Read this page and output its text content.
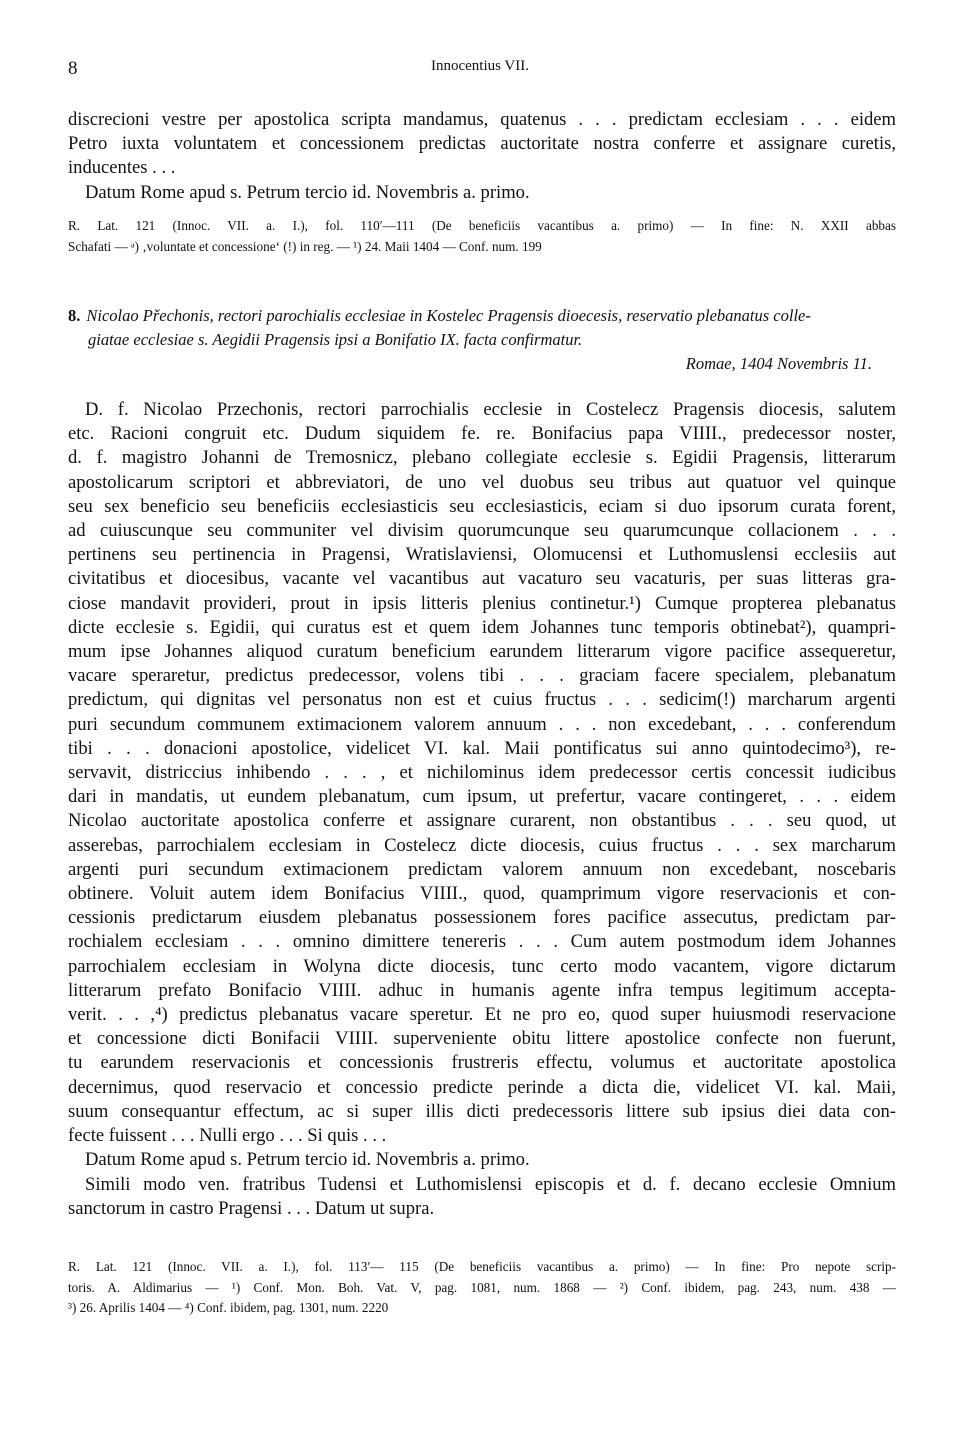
8	Innocentius VII.
discrecioni vestre per apostolica scripta mandamus, quatenus . . . predictam ecclesiam . . . eidem
Petro iuxta voluntatem et concessionem predictas auctoritate nostra conferre et assignare curetis,
inducentes . . .
Datum Rome apud s. Petrum tercio id. Novembris a. primo.
R. Lat. 121 (Innoc. VII. a. I.), fol. 110′—111 (De beneficiis vacantibus a. primo) — In fine: N. XXII abbas
Schafati — ᵃ) ‚voluntate et concessione‘ (!) in reg. — ¹) 24. Maii 1404 — Conf. num. 199
8. Nicolao Přechonis, rectori parochialis ecclesiae in Kostelec Pragensis dioecesis, reservatio plebanatus colle-
giatae ecclesiae s. Aegidii Pragensis ipsi a Bonifatio IX. facta confirmatur.
Romae, 1404 Novembris 11.
D. f. Nicolao Przechonis, rectori parrochialis ecclesie in Costelecz Pragensis diocesis, salutem
etc. Racioni congruit etc. Dudum siquidem fe. re. Bonifacius papa VIIII., predecessor noster,
d. f. magistro Johanni de Tremosnicz, plebano collegiate ecclesie s. Egidii Pragensis, litterarum
apostolicarum scriptori et abbreviatori, de uno vel duobus seu tribus aut quatuor vel quinque
seu sex beneficio seu beneficiis ecclesiasticis seu ecclesiasticis, eciam si duo ipsorum curata forent,
ad cuiuscunque seu communiter vel divisim quorumcunque seu quarumcunque collacionem . . .
pertinens seu pertinencia in Pragensi, Wratislaviensi, Olomucensi et Luthomuslensi ecclesiis aut
civitatibus et diocesibus, vacante vel vacantibus aut vacaturo seu vacaturis, per suas litteras gra-
ciose mandavit provideri, prout in ipsis litteris plenius continetur.¹) Cumque propterea plebanatus
dicte ecclesie s. Egidii, qui curatus est et quem idem Johannes tunc temporis obtinebat²), quampri-
mum ipse Johannes aliquod curatum beneficium earundem litterarum vigore pacifice assequeretur,
vacare speraretur, predictus predecessor, volens tibi . . . graciam facere specialem, plebanatum
predictum, qui dignitas vel personatus non est et cuius fructus . . . sedicim(!) marcharum argenti
puri secundum communem extimacionem valorem annuum . . . non excedebant, . . . conferendum
tibi . . . donacioni apostolice, videlicet VI. kal. Maii pontificatus sui anno quintodecimo³), re-
servavit, districcius inhibendo . . . , et nichilominus idem predecessor certis concessit iudicibus
dari in mandatis, ut eundem plebanatum, cum ipsum, ut prefertur, vacare contingeret, . . . eidem
Nicolao auctoritate apostolica conferre et assignare curarent, non obstantibus . . . seu quod, ut
asserebas, parrochialem ecclesiam in Costelecz dicte diocesis, cuius fructus . . . sex marcharum
argenti puri secundum extimacionem predictam valorem annuum non excedebant, noscebaris
obtinere. Voluit autem idem Bonifacius VIIII., quod, quamprimum vigore reservacionis et con-
cessionis predictarum eiusdem plebanatus possessionem fores pacifice assecutus, predictam par-
rochialem ecclesiam . . . omnino dimittere tenereris . . . Cum autem postmodum idem Johannes
parrochialem ecclesiam in Wolyna dicte diocesis, tunc certo modo vacantem, vigore dictarum
litterarum prefato Bonifacio VIIII. adhuc in humanis agente infra tempus legitimum accepta-
verit. . . ,⁴) predictus plebanatus vacare speretur. Et ne pro eo, quod super huiusmodi reservacione
et concessione dicti Bonifacii VIIII. superveniente obitu littere apostolice confecte non fuerunt,
tu earundem reservacionis et concessionis frustreris effectu, volumus et auctoritate apostolica
decernimus, quod reservacio et concessio predicte perinde a dicta die, videlicet VI. kal. Maii,
suum consequantur effectum, ac si super illis dicti predecessoris littere sub ipsius diei data con-
fecte fuissent . . . Nulli ergo . . . Si quis . . .
Datum Rome apud s. Petrum tercio id. Novembris a. primo.
Simili modo ven. fratribus Tudensi et Luthomislensi episcopis et d. f. decano ecclesie Omnium
sanctorum in castro Pragensi . . . Datum ut supra.
R. Lat. 121 (Innoc. VII. a. I.), fol. 113′— 115 (De beneficiis vacantibus a. primo) — In fine: Pro nepote scrip-
toris. A. Aldimarius — ¹) Conf. Mon. Boh. Vat. V, pag. 1081, num. 1868 — ²) Conf. ibidem, pag. 243, num. 438 —
³) 26. Aprilis 1404 — ⁴) Conf. ibidem, pag. 1301, num. 2220
